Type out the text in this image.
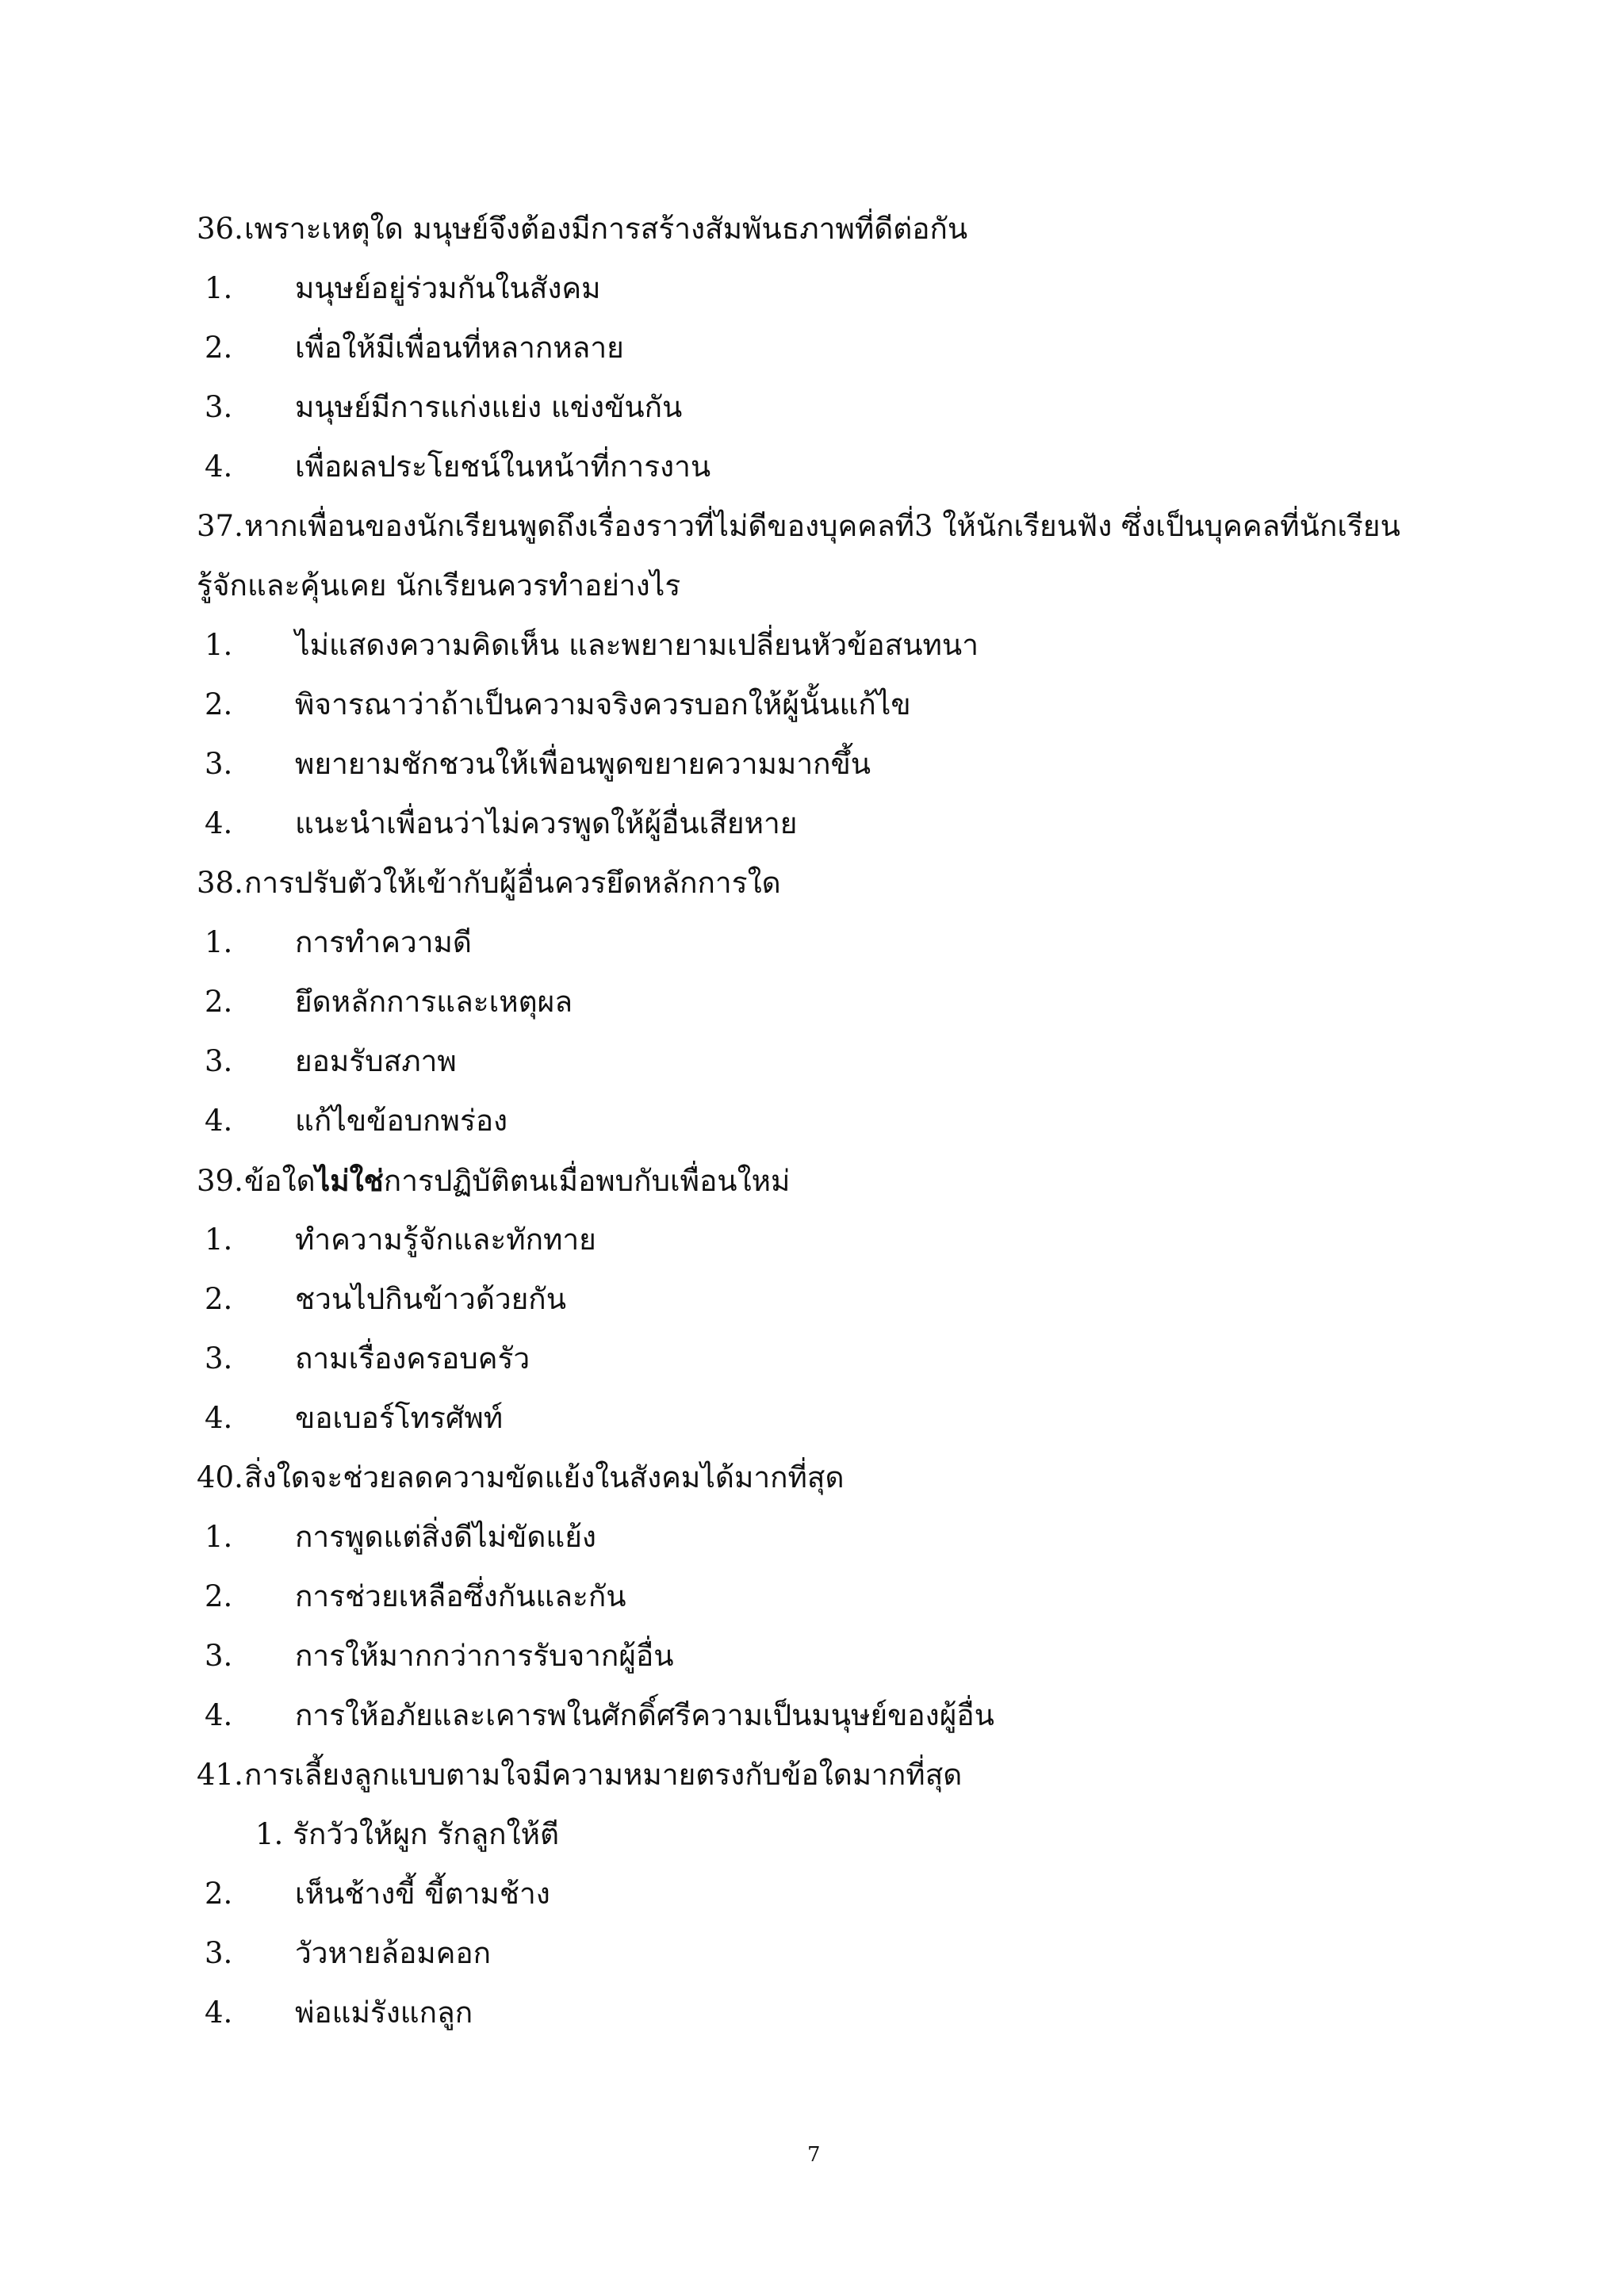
36.เพราะเหตุใด มนุษย์จึงต้องมีการสร้างสัมพันธภาพที่ดีต่อกัน
1. มนุษย์อยู่ร่วมกันในสังคม
2. เพื่อให้มีเพื่อนที่หลากหลาย
3. มนุษย์มีการแก่งแย่ง แข่งขันกัน
4. เพื่อผลประโยชน์ในหน้าที่การงาน
37.หากเพื่อนของนักเรียนพูดถึงเรื่องราวที่ไม่ดีของบุคคลที่3 ให้นักเรียนฟัง ซึ่งเป็นบุคคลที่นักเรียน
รู้จักและคุ้นเคย นักเรียนควรทำอย่างไร
1. ไม่แสดงความคิดเห็น และพยายามเปลี่ยนหัวข้อสนทนา
2. พิจารณาว่าถ้าเป็นความจริงควรบอกให้ผู้นั้นแก้ไข
3. พยายามชักชวนให้เพื่อนพูดขยายความมากขึ้น
4. แนะนำเพื่อนว่าไม่ควรพูดให้ผู้อื่นเสียหาย
38.การปรับตัวให้เข้ากับผู้อื่นควรยึดหลักการใด
1. การทำความดี
2. ยึดหลักการและเหตุผล
3. ยอมรับสภาพ
4. แก้ไขข้อบกพร่อง
39.ข้อใดไม่ใช่การปฏิบัติตนเมื่อพบกับเพื่อนใหม่
1. ทำความรู้จักและทักทาย
2. ชวนไปกินข้าวด้วยกัน
3. ถามเรื่องครอบครัว
4. ขอเบอร์โทรศัพท์
40.สิ่งใดจะช่วยลดความขัดแย้งในสังคมได้มากที่สุด
1. การพูดแต่สิ่งดีไม่ขัดแย้ง
2. การช่วยเหลือซึ่งกันและกัน
3. การให้มากกว่าการรับจากผู้อื่น
4. การให้อภัยและเคารพในศักดิ์ศรีความเป็นมนุษย์ของผู้อื่น
41.การเลี้ยงลูกแบบตามใจมีความหมายตรงกับข้อใดมากที่สุด
1. รักวัวให้ผูก รักลูกให้ตี
2. เห็นช้างขี้ ขี้ตามช้าง
3. วัวหายล้อมคอก
4. พ่อแม่รังแกลูก
7
